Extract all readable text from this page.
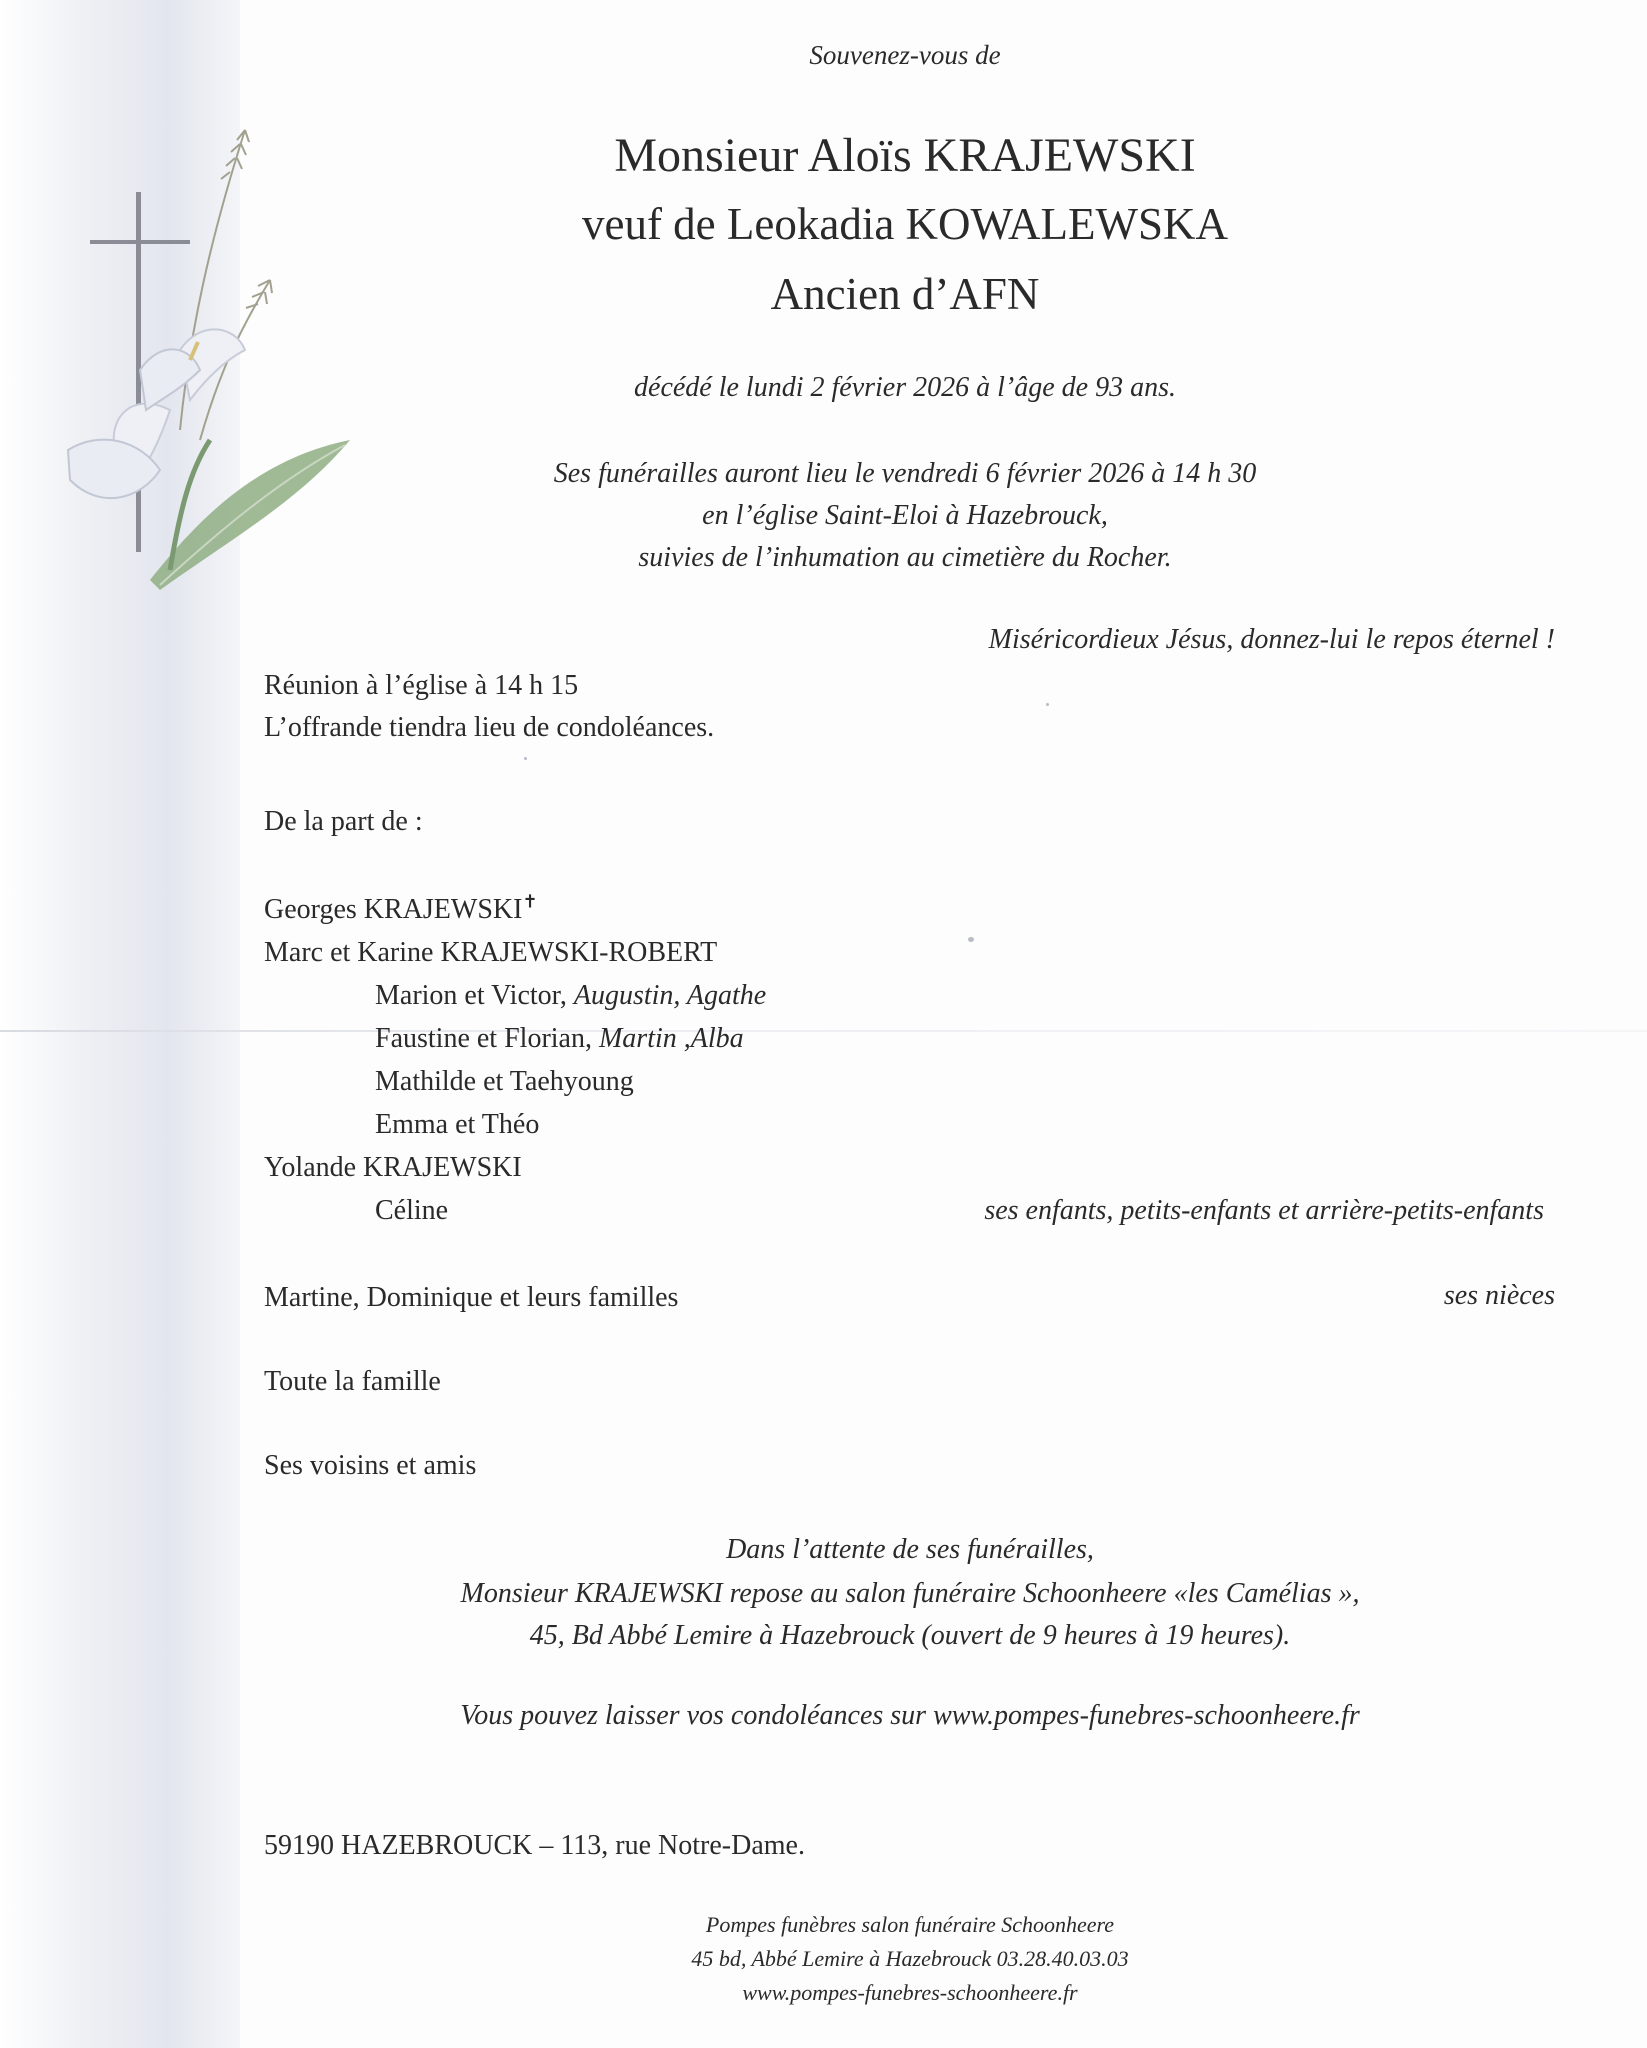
Souvenez-vous de

Monsieur Aloïs KRAJEWSKI

veuf de Leokadia KOWALEWSKA

Ancien d’AFN

décédé le lundi 2 février 2026 à l’âge de 93 ans.

Ses funérailles auront lieu le vendredi 6 février 2026 à 14 h 30

en l’église Saint-Eloi à Hazebrouck,

suivies de l’inhumation au cimetière du Rocher.

Miséricordieux Jésus, donnez-lui le repos éternel !

Réunion à l’église à 14 h 15

L’offrande tiendra lieu de condoléances.

De la part de :

Georges KRAJEWSKI✝

Marc et Karine KRAJEWSKI-ROBERT

Marion et Victor, Augustin, Agathe

Faustine et Florian, Martin ,Alba

Mathilde et Taehyoung

Emma et Théo

Yolande KRAJEWSKI

Céline	ses enfants, petits-enfants et arrière-petits-enfants

Martine, Dominique et leurs familles	ses nièces

Toute la famille

Ses voisins et amis

Dans l’attente de ses funérailles,

Monsieur KRAJEWSKI repose au salon funéraire Schoonheere «les Camélias »,

45, Bd Abbé Lemire à Hazebrouck (ouvert de 9 heures à 19 heures).

Vous pouvez laisser vos condoléances sur www.pompes-funebres-schoonheere.fr

59190 HAZEBROUCK – 113, rue Notre-Dame.

Pompes funèbres salon funéraire Schoonheere

45 bd, Abbé Lemire à Hazebrouck 03.28.40.03.03

www.pompes-funebres-schoonheere.fr
